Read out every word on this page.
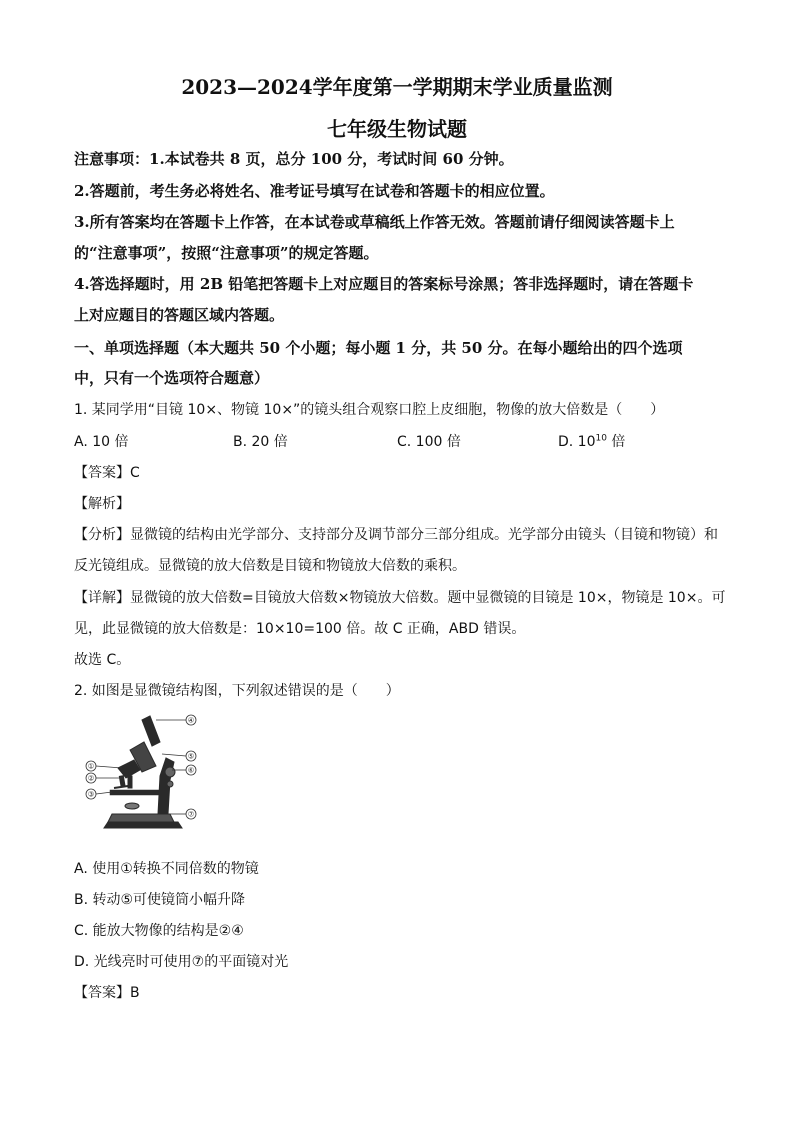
2023—2024学年度第一学期期末学业质量监测
七年级生物试题
注意事项：1.本试卷共 8 页，总分 100 分，考试时间 60 分钟。
2.答题前，考生务必将姓名、准考证号填写在试卷和答题卡的相应位置。
3.所有答案均在答题卡上作答，在本试卷或草稿纸上作答无效。答题前请仔细阅读答题卡上
的“注意事项”，按照“注意事项”的规定答题。
4.答选择题时，用 2B 铅笔把答题卡上对应题目的答案标号涂黑；答非选择题时，请在答题卡
上对应题目的答题区域内答题。
一、单项选择题（本大题共 50 个小题；每小题 1 分，共 50 分。在每小题给出的四个选项
中，只有一个选项符合题意）
1. 某同学用“目镜 10×、物镜 10×”的镜头组合观察口腔上皮细胞，物像的放大倍数是（　　）
A. 10 倍	B. 20 倍	C. 100 倍	D. $10^{10}$ 倍
【答案】C
【解析】
【分析】显微镜的结构由光学部分、支持部分及调节部分三部分组成。光学部分由镜头（目镜和物镜）和
反光镜组成。显微镜的放大倍数是目镜和物镜放大倍数的乘积。
【详解】显微镜的放大倍数=目镜放大倍数×物镜放大倍数。题中显微镜的目镜是 10×，物镜是 10×。可
见，此显微镜的放大倍数是：10×10=100 倍。故 C 正确，ABD 错误。
故选 C。
2. 如图是显微镜结构图，下列叙述错误的是（　　）
①
②
③
④
⑤
⑥
⑦
A. 使用①转换不同倍数的物镜
B. 转动⑤可使镜筒小幅升降
C. 能放大物像的结构是②④
D. 光线亮时可使用⑦的平面镜对光
【答案】B
